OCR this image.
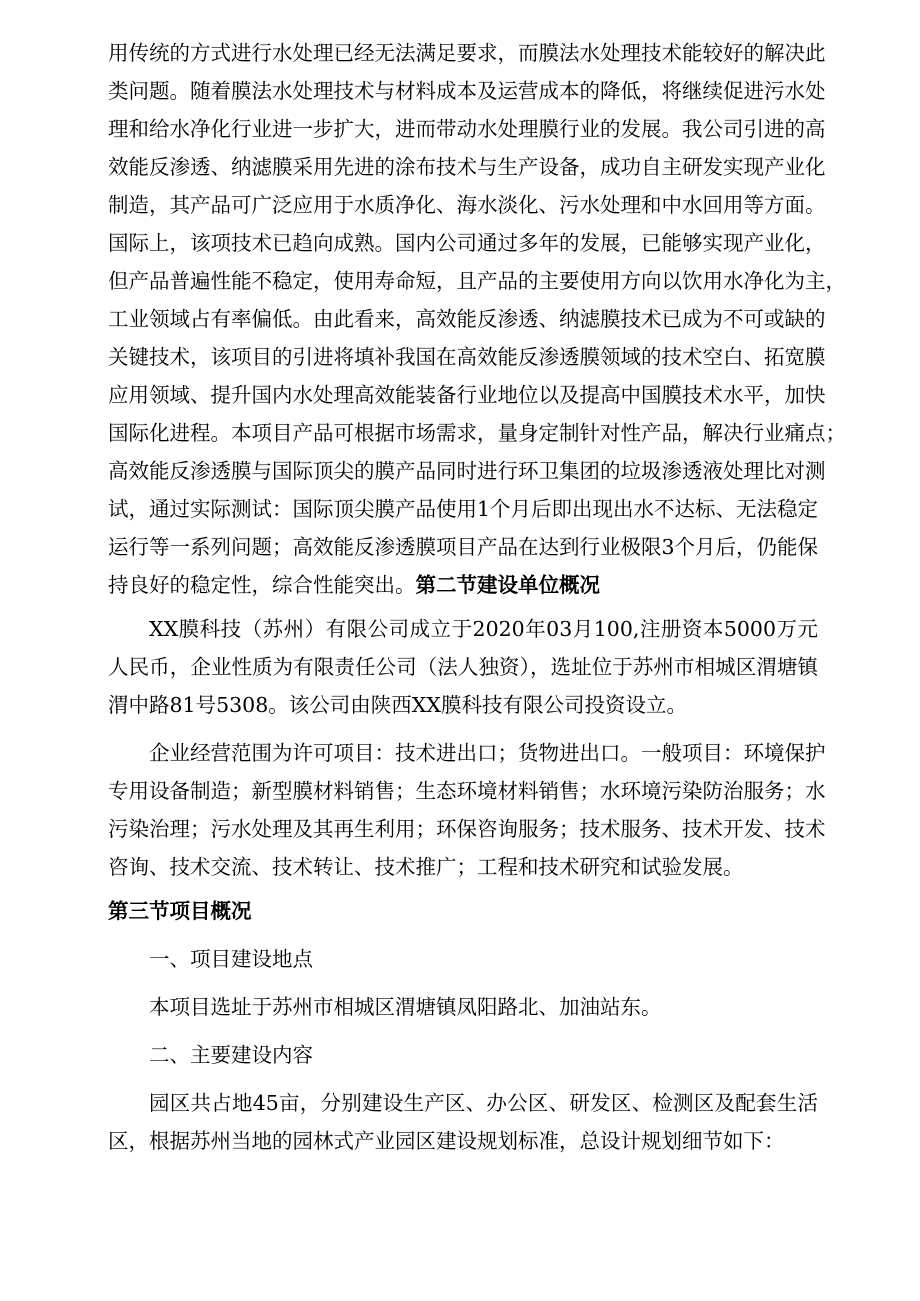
用传统的方式进行水处理已经无法满足要求，而膜法水处理技术能较好的解决此
类问题。随着膜法水处理技术与材料成本及运营成本的降低，将继续促进污水处
理和给水净化行业进一步扩大，进而带动水处理膜行业的发展。我公司引进的高
效能反渗透、纳滤膜采用先进的涂布技术与生产设备，成功自主研发实现产业化
制造，其产品可广泛应用于水质净化、海水淡化、污水处理和中水回用等方面。
国际上，该项技术已趋向成熟。国内公司通过多年的发展，已能够实现产业化，
但产品普遍性能不稳定，使用寿命短，且产品的主要使用方向以饮用水净化为主，
工业领域占有率偏低。由此看来，高效能反渗透、纳滤膜技术已成为不可或缺的
关键技术，该项目的引进将填补我国在高效能反渗透膜领域的技术空白、拓宽膜
应用领域、提升国内水处理高效能装备行业地位以及提高中国膜技术水平，加快
国际化进程。本项目产品可根据市场需求，量身定制针对性产品，解决行业痛点；
高效能反渗透膜与国际顶尖的膜产品同时进行环卫集团的垃圾渗透液处理比对测
试，通过实际测试：国际顶尖膜产品使用1个月后即出现出水不达标、无法稳定
运行等一系列问题；高效能反渗透膜项目产品在达到行业极限3个月后，仍能保
持良好的稳定性，综合性能突出。第二节建设单位概况
XX膜科技（苏州）有限公司成立于2020年03月100,注册资本5000万元
人民币，企业性质为有限责任公司（法人独资），选址位于苏州市相城区渭塘镇
渭中路81号5308。该公司由陕西XX膜科技有限公司投资设立。
企业经营范围为许可项目：技术进出口；货物进出口。一般项目：环境保护
专用设备制造；新型膜材料销售；生态环境材料销售；水环境污染防治服务；水
污染治理；污水处理及其再生利用；环保咨询服务；技术服务、技术开发、技术
咨询、技术交流、技术转让、技术推广；工程和技术研究和试验发展。
第三节项目概况
一、项目建设地点
本项目选址于苏州市相城区渭塘镇凤阳路北、加油站东。
二、主要建设内容
园区共占地45亩，分别建设生产区、办公区、研发区、检测区及配套生活
区，根据苏州当地的园林式产业园区建设规划标准，总设计规划细节如下：
